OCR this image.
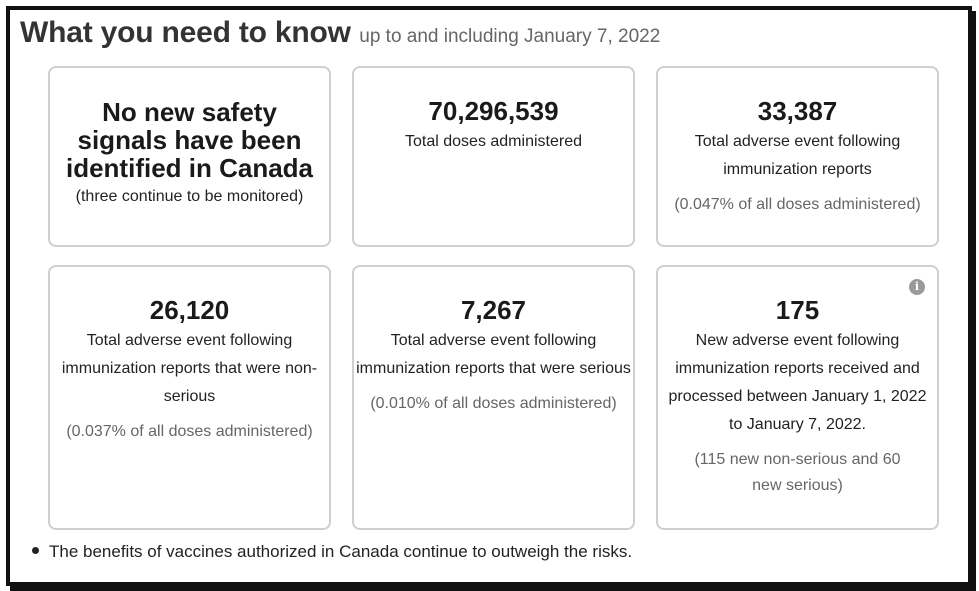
What you need to know up to and including January 7, 2022
No new safety signals have been identified in Canada
(three continue to be monitored)
70,296,539
Total doses administered
33,387
Total adverse event following immunization reports
(0.047% of all doses administered)
26,120
Total adverse event following immunization reports that were non-serious
(0.037% of all doses administered)
7,267
Total adverse event following immunization reports that were serious
(0.010% of all doses administered)
i
175
New adverse event following immunization reports received and processed between January 1, 2022 to January 7, 2022.
(115 new non-serious and 60 new serious)
The benefits of vaccines authorized in Canada continue to outweigh the risks.
